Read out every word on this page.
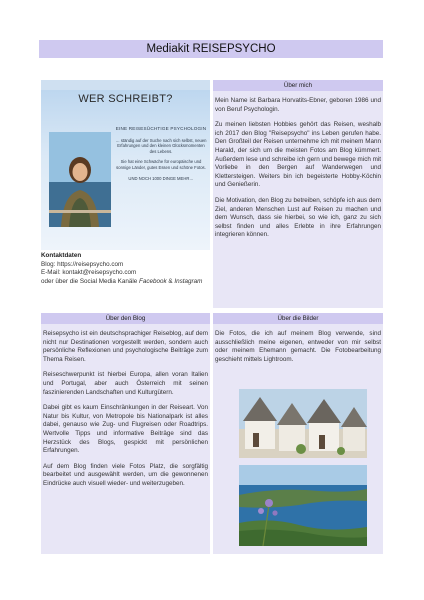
Mediakit REISEPSYCHO
WER SCHREIBT?
EINE REISESÜCHTIGE PSYCHOLOGIN

… ständig auf der Suche nach sich selbst, neuen Erfahrungen und den kleinen Glücksmomenten des Lebens.

Sie hat eine Schwäche für europäische und sonnige Länder, gutes Essen und schöne Fotos.

UND NOCH 1000 DINGE MEHR…

Kontaktdaten
Blog: https://reisepsycho.com
E-Mail: kontakt@reisepsycho.com
oder über die Social Media Kanäle Facebook & Instagram
Über mich

Mein Name ist Barbara Horvatits-Ebner, geboren 1986 und von Beruf Psychologin.

Zu meinen liebsten Hobbies gehört das Reisen, weshalb ich 2017 den Blog "Reisepsycho" ins Leben gerufen habe. Den Großteil der Reisen unternehme ich mit meinem Mann Harald, der sich um die meisten Fotos am Blog kümmert. Außerdem lese und schreibe ich gern und bewege mich mit Vorliebe in den Bergen auf Wanderwegen und Klettersteigen. Weiters bin ich begeisterte Hobby-Köchin und Genießerin.

Die Motivation, den Blog zu betreiben, schöpfe ich aus dem Ziel, anderen Menschen Lust auf Reisen zu machen und dem Wunsch, dass sie hierbei, so wie ich, ganz zu sich selbst finden und alles Erlebte in ihre Erfahrungen integrieren können.

Über den Blog

Reisepsycho ist ein deutschsprachiger Reiseblog, auf dem nicht nur Destinationen vorgestellt werden, sondern auch persönliche Reflexionen und psychologische Beiträge zum Thema Reisen.

Reiseschwerpunkt ist hierbei Europa, allen voran Italien und Portugal, aber auch Österreich mit seinen faszinierenden Landschaften und Kulturgütern.

Dabei gibt es kaum Einschränkungen in der Reiseart. Von Natur bis Kultur, von Metropole bis Nationalpark ist alles dabei, genauso wie Zug- und Flugreisen oder Roadtrips. Wertvolle Tipps und informative Beiträge sind das Herzstück des Blogs, gespickt mit persönlichen Erfahrungen.

Auf dem Blog finden viele Fotos Platz, die sorgfältig bearbeitet und ausgewählt werden, um die gewonnenen Eindrücke auch visuell wieder- und weiterzugeben.

Über die Bilder

Die Fotos, die ich auf meinem Blog verwende, sind ausschließlich meine eigenen, entweder von mir selbst oder meinem Ehemann gemacht. Die Fotobearbeitung geschieht mittels Lightroom.
